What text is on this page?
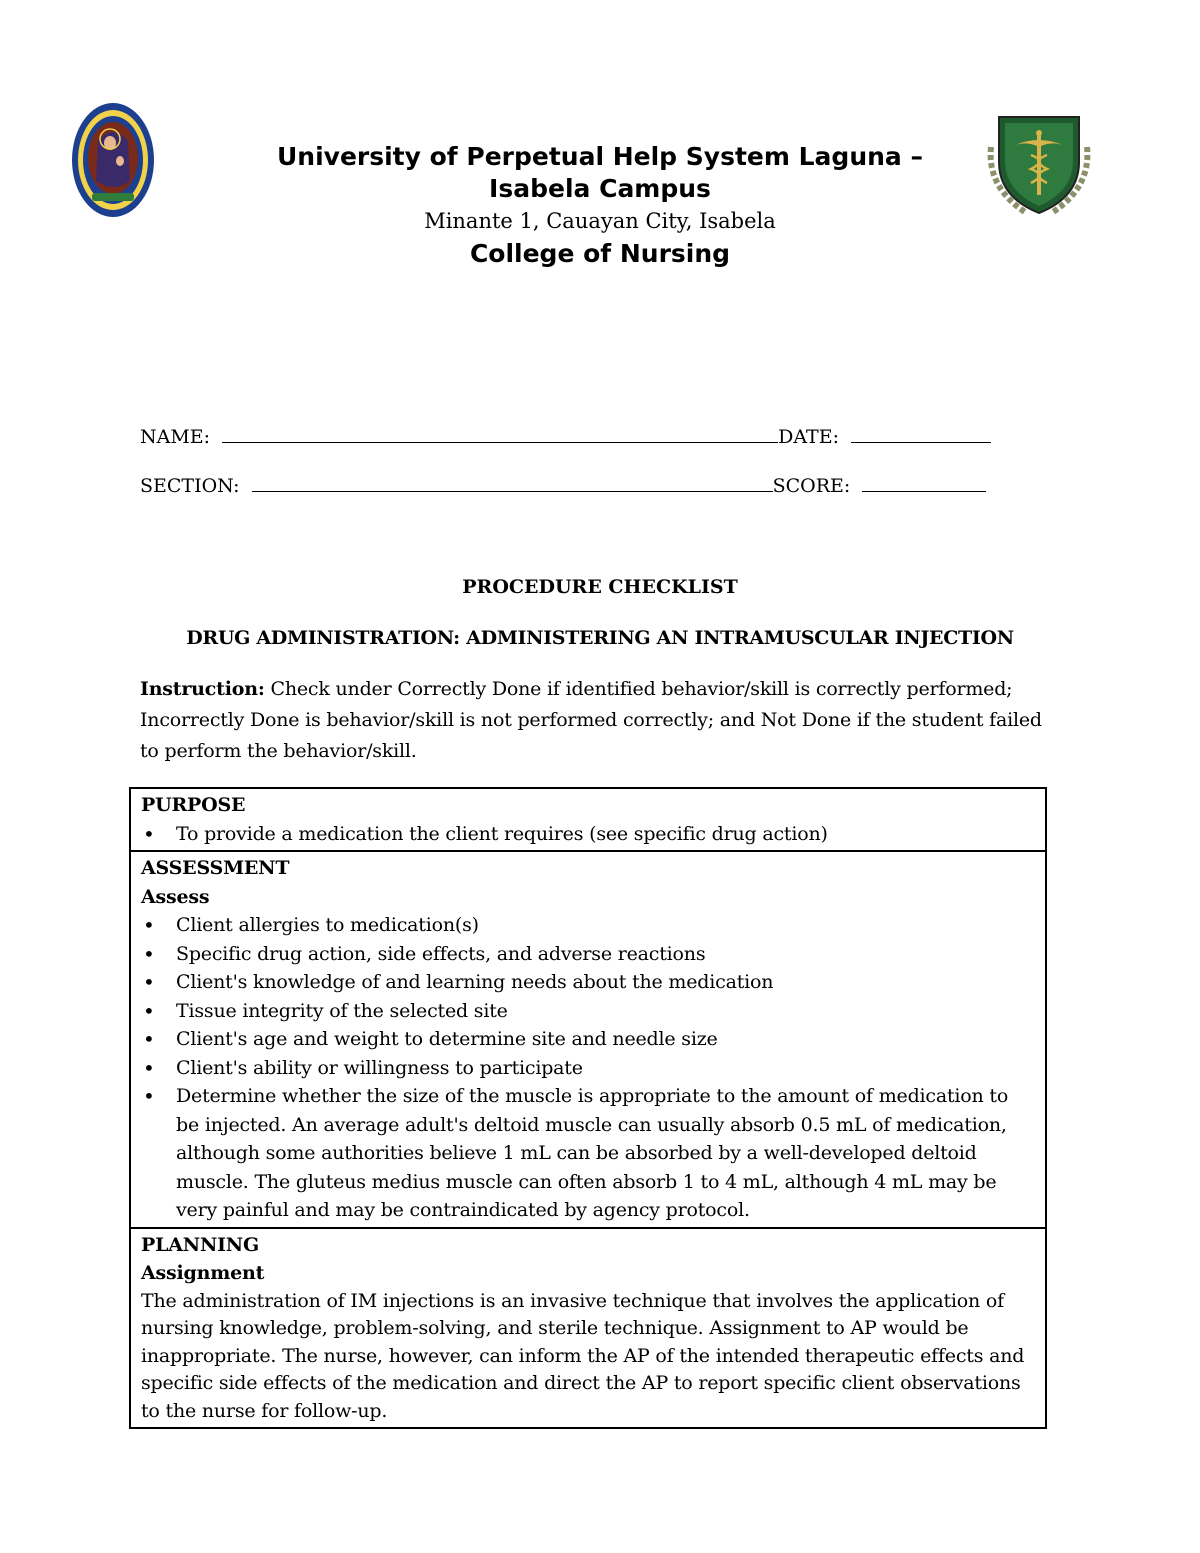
University of Perpetual Help System Laguna –
Isabela Campus
Minante 1, Cauayan City, Isabela
College of Nursing
NAME:	DATE:
SECTION:	SCORE:
PROCEDURE CHECKLIST
DRUG ADMINISTRATION: ADMINISTERING AN INTRAMUSCULAR INJECTION
Instruction: Check under Correctly Done if identified behavior/skill is correctly performed; Incorrectly Done is behavior/skill is not performed correctly; and Not Done if the student failed to perform the behavior/skill.
PURPOSE
• To provide a medication the client requires (see specific drug action)
ASSESSMENT
Assess
• Client allergies to medication(s)
• Specific drug action, side effects, and adverse reactions
• Client's knowledge of and learning needs about the medication
• Tissue integrity of the selected site
• Client's age and weight to determine site and needle size
• Client's ability or willingness to participate
• Determine whether the size of the muscle is appropriate to the amount of medication to be injected. An average adult's deltoid muscle can usually absorb 0.5 mL of medication, although some authorities believe 1 mL can be absorbed by a well-developed deltoid muscle. The gluteus medius muscle can often absorb 1 to 4 mL, although 4 mL may be very painful and may be contraindicated by agency protocol.
PLANNING
Assignment
The administration of IM injections is an invasive technique that involves the application of nursing knowledge, problem-solving, and sterile technique. Assignment to AP would be inappropriate. The nurse, however, can inform the AP of the intended therapeutic effects and specific side effects of the medication and direct the AP to report specific client observations to the nurse for follow-up.
